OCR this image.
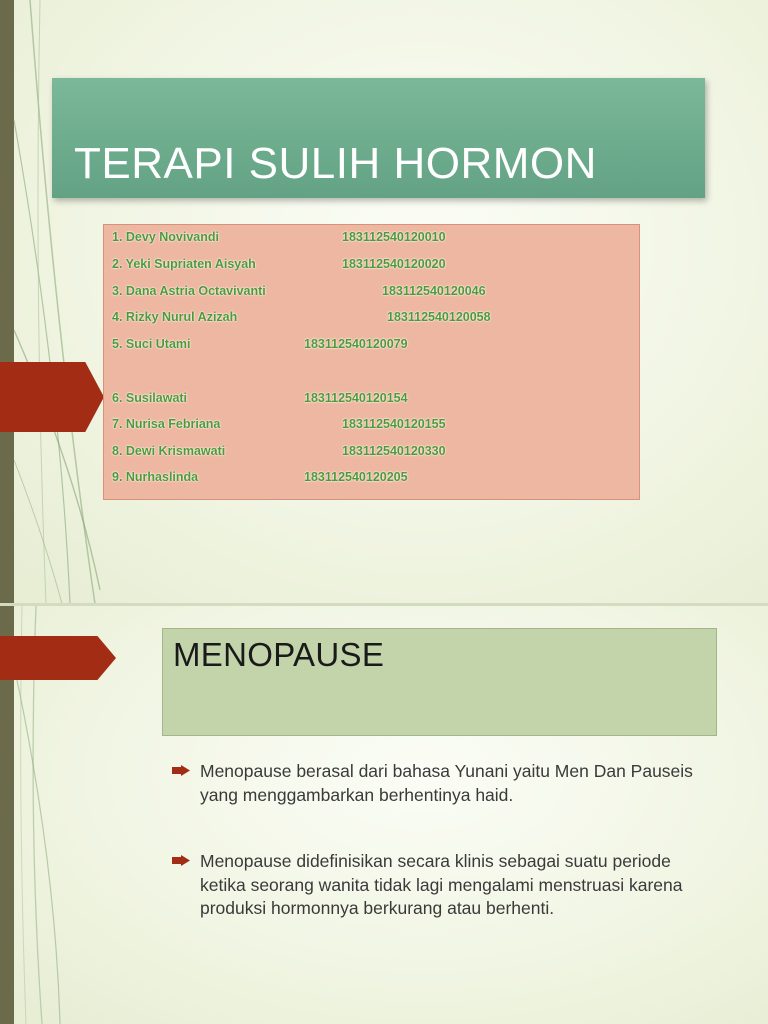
TERAPI SULIH HORMON
1. Devy Novivandi	183112540120010
2. Yeki Supriaten Aisyah	183112540120020
3. Dana Astria Octavivanti	183112540120046
4. Rizky Nurul Azizah	183112540120058
5. Suci Utami	183112540120079
6. Susilawati	183112540120154
7. Nurisa Febriana	183112540120155
8. Dewi Krismawati	183112540120330
9. Nurhaslinda	183112540120205
MENOPAUSE

Menopause berasal dari bahasa Yunani yaitu Men Dan Pauseis yang menggambarkan berhentinya haid.

Menopause didefinisikan secara klinis sebagai suatu periode ketika seorang wanita tidak lagi mengalami menstruasi karena produksi hormonnya berkurang atau berhenti.
